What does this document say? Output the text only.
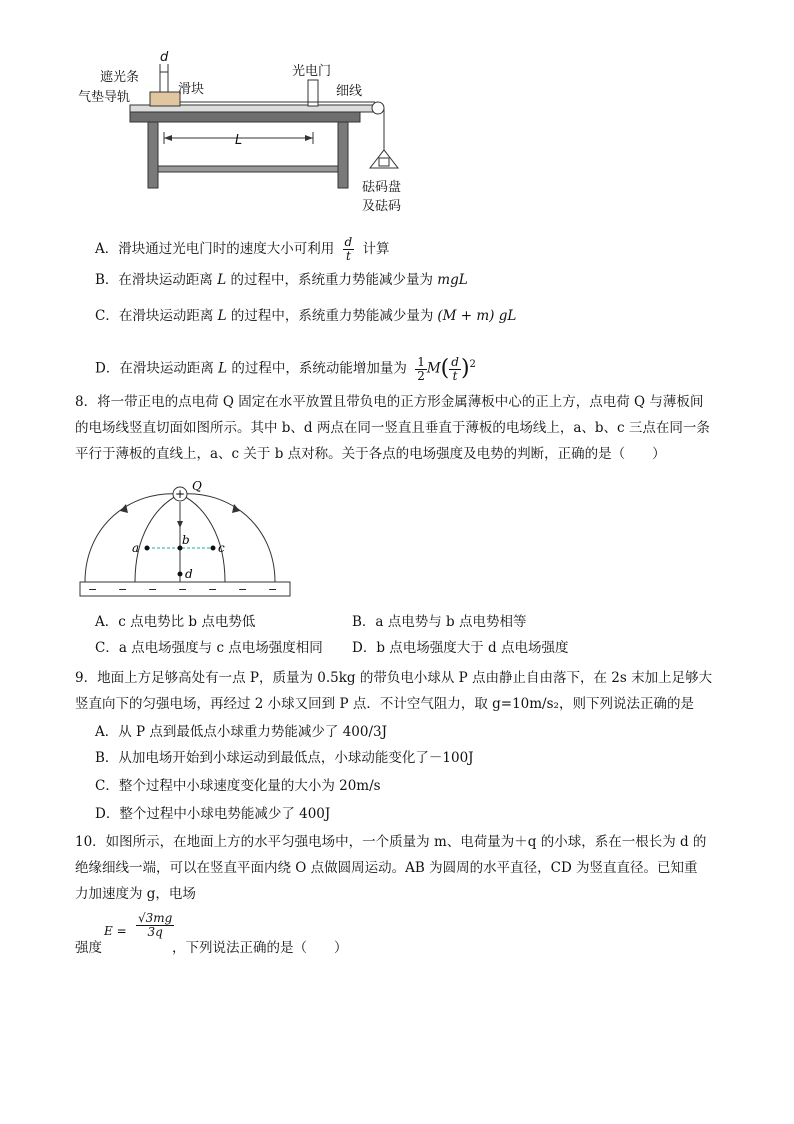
d
L
遮光条
气垫导轨
滑块
光电门
细线
砝码盘
及砝码
A．滑块通过光电门时的速度大小可利用 $\frac{d}{t}$ 计算
B．在滑块运动距离 L 的过程中，系统重力势能减少量为 mgL
C．在滑块运动距离 L 的过程中，系统重力势能减少量为 (M + m) gL
D．在滑块运动距离 L 的过程中，系统动能增加量为 $\frac{1}{2} M( \frac{d}{t} )^2$
8．将一带正电的点电荷 Q 固定在水平放置且带负电的正方形金属薄板中心的正上方，点电荷 Q 与薄板间
的电场线竖直切面如图所示。其中 b、d 两点在同一竖直且垂直于薄板的电场线上，a、b、c 三点在同一条
平行于薄板的直线上，a、c 关于 b 点对称。关于各点的电场强度及电势的判断，正确的是（　　）
+
Q
a
b
c
d
− − − − − − −
A．c 点电势比 b 点电势低	B．a 点电势与 b 点电势相等
C．a 点电场强度与 c 点电场强度相同 D．b 点电场强度大于 d 点电场强度
9．地面上方足够高处有一点 P，质量为 0.5kg 的带负电小球从 P 点由静止自由落下，在 2s 末加上足够大
竖直向下的匀强电场，再经过 2 小球又回到 P 点．不计空气阻力，取 g=10m/s₂，则下列说法正确的是
A．从 P 点到最低点小球重力势能减少了 400/3J
B．从加电场开始到小球运动到最低点，小球动能变化了－100J
C．整个过程中小球速度变化量的大小为 20m/s
D．整个过程中小球电势能减少了 400J
10．如图所示，在地面上方的水平匀强电场中，一个质量为 m、电荷量为＋q 的小球，系在一根长为 d 的
绝缘细线一端，可以在竖直平面内绕 O 点做圆周运动。AB 为圆周的水平直径，CD 为竖直直径。已知重
力加速度为 g，电场
强度
$E = \frac{√3mg}{3q}$
，下列说法正确的是（　　）
